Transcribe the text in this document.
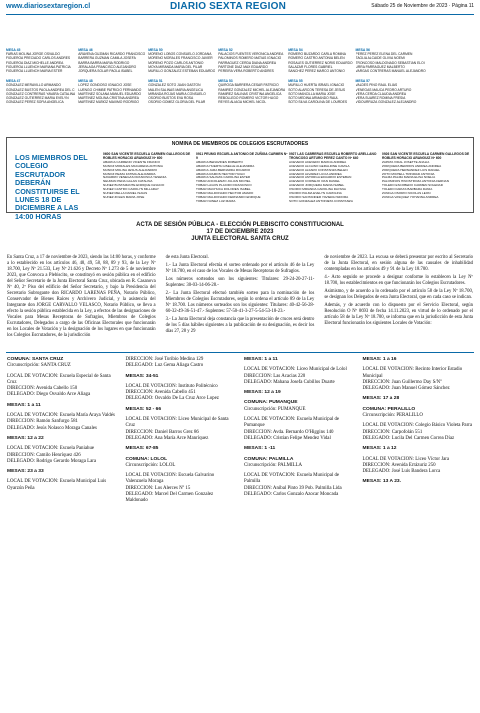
www.diariosextaregion.cl	DIARIO SEXTA REGION	Sábado 25 de Noviembre de 2023 · Página 11
MESA 45
FARIAS MOLINA JORGE OSVALDO
FIGUEROA PRECIADO CARLOS ANDRES
FIGUEROA DIAZ MICHELLE ANDREA
FIGUEROA LLUENCH MARIANA PATRICIA
FIGUEROA LLUENCH MARIA ESTER
MESA 46
ARAVENA GUZMAN RICARDO FRANCISCO
BARRERA GUZMAN CAMILA JOSEFA
BARRA BARRA MARIA RODRIGO
JERALAGA FRANCISCO ALEJANDRO
JORQUERA SOLAR PAOLA ISABEL
MESA 50
MORENO LOBOS CONSUELO JORDANA
MORENO MORALES FRANCISCO JAVIER
MORENO POZO CARLOS ANTONIO
MOYA MIRANDA MARIA DEL PILAR
MURILLO GONZALEZ ESTEBAN EDUARDO
MESA 52
PALACIOS FUENTES VERONICA ANDREA
PALOMINOS ROMERO MATIAS IGNACIO
PARRAGUEZ CERDA DIANA ANDREA
PARTONE DIAZ MAX EDUARDO
PEREIRA VERA ROBERTO ANDRES
MESA 54
ROMERO BUZARDO CARLA ROMINA
ROMERO CASTRO ANTONIA BELEN
ROSALES GUTIERREZ NORIS EDUARDO
SALAZAR FLORES GABRIEL
SANCHEZ PEREZ MARCO ANTONIO
MESA 56
PEREZ PEREZ ELENA DEL CARMEN
TAGLIA ALCAIDE OLIVIA NOEMI
TRONCOSO MALDONADO SEBASTIAN ELOI
URRA PARRAGUEZ MALBERTO
VARGAS CONTRERAS MANUEL ALEJANDRO
MESA 47
GONZALEZ MERAVILLO ARMANDO
GONZALEZ BUSTOS PAOLA ANDREA DEL C
GONZALEZ CONTRERAS YAVARA CATALINA
GONZALEZ GUTIERREZ MARIA EVELYN
GONZALEZ PEREZ SOFIA ANGELICA
MESA 48
LOPEZ GONDOSO IGNACIO JOSE
LUENGO CHIMBE PATRICIO FERNANDO
MARTINEZ SOLANA MANUEL EDUARDO
MARTINEZ MOLINA CRISTINA ANDREA
MARTINEZ MUÑOZ MAXIMO RODRIGO
MESA 51
GONZALEZ SOTO JUAN GASTON
MALEN SALINAS MARIA ANGELICA
MIRANDA ROJAS MARIA CONSUELO
OSORIO BUSTOS EVA ROSA
OSORIO GOMEZ GLORIA DEL PILAR
MESA 53
QUIROGA BARRERA CESAR PATRICIO
RAMIREZ GONZALEZ MICHEL ALEJANDRA
RAMIREZ SALINAS CRISTINA ANGELICA
REBOLLEDO ROMERO VICTOR HUGO
REYES ALIAGA MICHEL NICOL
MESA 55
MURILLO HUERTA ISRAEL IGNACIO
SOTO ALARCON TERESA DE JESUS
SOTO MANCILLA MARIA JOSE
SOTO MEDINA ARMANDO RAUL
SOTO SILVA CAROLINA DE LOURDES
MESA 57
VALDES PINO RAUL ELIAS
VENEGAS MAUCA PEDRO ARTURO
VERA CERDA CLAUDIA ANDREA
VERA SUAREZ ROMINA FRESIA
VIDOURRUZA GONZALEZ ALEJANDRO
NOMINA DE MIEMBROS DE COLEGIOS ESCRUTADORES
LOS MIEMBROS DEL COLEGIO ESCRUTADOR DEBERÁN CONSTITUIRSE EL LUNES 18 DE DICIEMBRE A LAS 14:00 HORAS
0600 SAN VICENTE ESCUELA CARMEN GALLEGOS DE ROBLES HORACIO ARANGUIZ Nº 600
ABARCA CARREÑO VICENTE FRANCO
MUÑOZ MORALES MACARENA ANTONIA
MUÑOZ MOLINA JESUS ALEJANDRO
MUÑOZ PEZZA FATIMA ALEJANDRA
NAVARRO VENEGAS FRANCISCA YESENIA
NEUMAN PEÑA GALAN CATALINA
NUÑEZ BUSTAMANTE ENRIQUE IGNACIO
NUÑEZ CASTRO CAROLYN MILLARAY
NUÑEZ MELLA DANIEL ISAIAS
NUÑEZ ZOLEN MARIA JOSE
0911 PEUMO ESCUELA ANTONIO DE ZUÑIGA CARMEN Nº 9
ABARCA BENAVIDES ROBERTO
ABARCA HUERTA GISELLE ALEJANDRA
ABARCA JARA BERNARDA RICARDO
ABARCA RAMOS HECTOR HUGO
ABARCA SALINAS CAROLINA ESTER
TOBAR ANCOLENZO JULIAN MICHEL
TOBAR LAGOS PLACIDO FRANCISCO
TOBAR MACHUCA DOLORES ISABEL
TOBAR MALDONADO HECTOR AMARO
TOBAR MALDONADO FERNANDO ENRIQUE
TOBAR NUÑEZ LUZ MARIA
0927 LAS CABRERAS ESCUELA ROBERTO ARELLANO TRONCOSO ARTURO PEREZ CANTO Nº 640
ACEVEDO ACEVEDO MARCIA ANDREA
ACEVEDO ALCAINO GERALDINE CAMILA
ACEVEDO ALFARO CONSTANZA BELEN
ACEVEDO ALVAREZ LUCIA ANDREA
ACEVEDO ASTORGA EDUARDO ESTEBAN
ACEVEDO CORNEJO IVAN DANIEL
ACEVEDO JORQUERA MARIA ISABEL
OSORIO MIRANDA CAROLINA DAYANA
OSORIO PALMA EVELYN CAROLINA
OSORIO SANTANDER YAVIERA ISIDORA
SOTO GONZALEZ ANTONIETA CONSTANZA
0926 SAN VICENTE ESCUELA CARMEN GALLEGOS DE ROBLES HORACIO ARANGUIZ Nº 600
ZAPATA VIDAL JOSETTE ANALIA
ZORQUERA BERRIOS ANDREA ANDREA
ZORQUERA HERNANDEZ LUIS RAFAEL
ZOTO MICHELL TRINIDAD ANTONIA
PALMA PALMA MARIA ELISA NOELIA
PALOMINOS HINOSTROZA ANTONIA FERNAN
TOLEDO ESCOBEDO CARMEN SOLEDAD
TOLEDO FARIAS BARBARA DANIA
ZUNIGA OSORIO NICOLAS LEON
ZUÑIGA VASQUEZ YOHANNA ANDREA
ACTA DE SESIÓN PÚBLICA - ELECCIÓN PLEBISCITO CONSTITUCIONAL
17 DE DICIEMBRE 2023
JUNTA ELECTORAL SANTA CRUZ

En Santa Cruz, a 17 de noviembre de 2023, siendo las 14:00 horas, y conforme a lo establecido en los artículos 46, 48, 49, 58, 88, 89 y 93, de la Ley Nº 18.700, Ley Nº 21.533, Ley Nº 21.626 y Decreto Nº 1.273 de 5 de noviembre 2023, que Convoca a Plebiscito, se constituyó en sesión pública en el edificio del Señor Secretario de la Junta Electoral Santa Cruz, ubicada en R. Casanova Nº 40, 2º Piso del edificio del Señor Secretario, y bajo la Presidencia del Secretario Subrogante don RICARDO LARENAS PEÑA, Notario Público, Conservador de Bienes Raíces y Archivero Judicial, y la asistencia del Integrante don JORGE CARVALLO VELASCO, Notario Público, se lleva a efecto la sesión pública establecida en la Ley, a efectos de las designaciones de Vocales para Mesas Receptoras de Sufragios, Miembros de Colegios Escrutadores, Delegados a cargo de las Oficinas Electorales que funcionarán en los Locales de Votación y la designación de los lugares en que funcionarán los Colegios Escrutadores, de la jurisdicción

de esta Junta Electoral.

1.- La Junta Electoral efectúa el sorteo ordenado por el artículo 46 de la Ley Nº 18.700, en el caso de los Vocales de Mesas Receptoras de Sufragios.

Los números sorteados son los siguientes: Titulares: 29-24-20-27-11- Suplentes: 30-03-14-06-28.-

2.- La Junta Electoral efectuó también sorteo para la nominación de los Miembros de Colegios Escrutadores, según lo ordena el artículo 89 de la Ley Nº 18.700. Los números sorteados son los siguientes: Titulares: 40-42-56-28-60-32-49-36-51-47.- Suplentes: 57-50-41-3-27-5-54-53-18-23.-

3.- La Junta Electoral deja constancia que la presentación de cruces será dentro de los 5 días hábiles siguientes a la publicación de su designación, es decir los días 27, 28 y 29

de noviembre de 2023. La excusa se deberá presentar por escrito al Secretario de la Junta Electoral, en sesión alguna de las causales de inhabilidad contempladas en los artículos 49 y 91 de la Ley 18.700.

4.- Acto seguido se procede a designar conforme lo establecen la Ley Nº 18.700, los establecimientos en que funcionarán los Colegios Escrutadores.

Asimismo, y de acuerdo a lo ordenado por el artículo 58 de la Ley Nº 18.700, se designan los Delegados de esta Junta Electoral, que en cada caso se indican.

Además, y de acuerdo con lo dispuesto por el Servicio Electoral, según Resolución O Nº 0693 de fecha 14.11.2023, en virtud de lo ordenado por el artículo 58 de la Ley Nº 18.700, se informa que en la jurisdicción de esta Junta Electoral funcionarán los siguientes Locales de Votación:

COMUNA: SANTA CRUZ
Circunscripción: SANTA CRUZ
LOCAL DE VOTACION: Escuela Especial de Santa Cruz
DIRECCION: Avenida Cabello 150
DELEGADO: Diego Osvaldo Arce Aliaga
MESAS: 1 a 11
LOCAL DE VOTACION: Escuela María Araya Valdés
DIRECCION: Ramón Sanfurgo 581
DELEGADO: Jesús Nolasco Moraga Canales
MESAS: 12 a 22
LOCAL DE VOTACION: Escuela Paniahue
DIRECCION: Camilo Henríquez 426
DELEGADO: Rodrigo Gerardo Moraga Lara
MESAS: 23 a 33
LOCAL DE VOTACION: Escuela Municipal Luis Oyarzún Peña
DIRECCION: José Toribio Medina 129
DELEGADO: Luz Gema Aliaga Castro
MESAS: 34-51
LOCAL DE VOTACION: Instituto Politécnico
DIRECCION: Avenida Cabello 451
DELEGADO: Osvaldo De La Cruz Arce Lopez
MESAS: 52 - 66
LOCAL DE VOTACION: Liceo Municipal de Santa Cruz
DIRECCION: Daniel Barros Grez 86
DELEGADO: Ana María Arce Manríquez
MESAS: 67-85
COMUNA: LOLOL
Circunscripción: LOLOL
LOCAL DE VOTACION: Escuela Galvarino Valenzuela Moraga
DIRECCION: Los Alerces Nº 15
DELEGADO: Marcel Del Carmen Gonzalez Maldonado
MESAS: 1 a 11
LOCAL DE VOTACION: Liceo Municipal de Lolol
DIRECCION: Las Acacias 220
DELEGADO: Mahana Josefa Cubillos Duarte
MESAS: 12 a 19
COMUNA: PUMANQUE
Circunscripción: PUMANQUE
LOCAL DE VOTACION: Escuela Municipal de Pumanque
DIRECCION: Avda. Bernardo O'Higgins 140
DELEGADO: Cristian Felipe Mendez Vidal
MESAS: 1 -11
COMUNA: PALMILLA
Circunscripción: PALMILLA
LOCAL DE VOTACION: Escuela Municipal de Palmilla
DIRECCION: Anibal Pinto 39 Pob. Palmilla Lida
DELEGADO: Carlos Gonzalo Azocar Moncada
MESAS: 1 a 16
LOCAL DE VOTACION: Recinto Interior Estadio Municipal
DIRECCION: Juan Guillermo Day S/Nº
DELEGADO: Juan Manuel Gómez Sánchez
MESAS: 17 a 28
COMUNA: PERALILLO
Circunscripción: PERALILLO
LOCAL DE VOTACION: Colegio Básico Violeta Parra
DIRECCION: Carpofolán 551
DELEGADO: Lucila Del Carmen Correa Díaz
MESAS: 1 a 12
LOCAL DE VOTACION: Liceo Víctor Jara
DIRECCION: Avenida Errázuriz 250
DELEGADO: José Luis Bandera Lorca
MESAS: 13 A 23.
